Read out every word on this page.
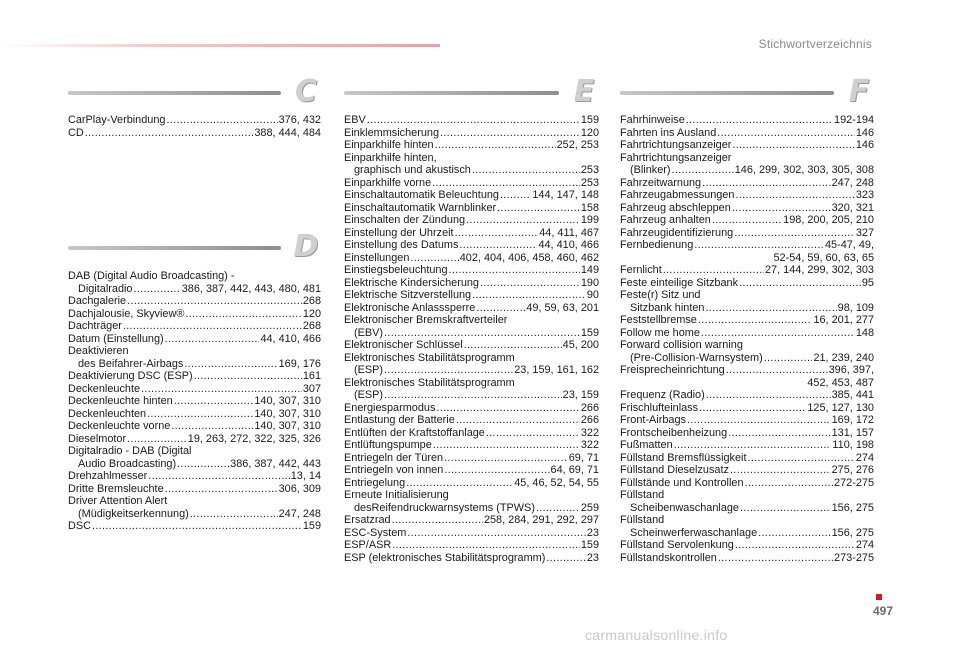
Stichwortverzeichnis
C
CarPlay-Verbindung .....	376, 432
CD .....	388, 444, 484
D
DAB (Digital Audio Broadcasting) -
Digitalradio .....	386, 387, 442, 443, 480, 481
Dachgalerie .....	268
Dachjalousie, Skyview® .....	120
Dachträger .....	268
Datum (Einstellung) .....	44, 410, 466
Deaktivieren
des Beifahrer-Airbags .....	169, 176
Deaktivierung DSC (ESP) .....	161
Deckenleuchte .....	307
Deckenleuchte hinten .....	140, 307, 310
Deckenleuchten .....	140, 307, 310
Deckenleuchte vorne .....	140, 307, 310
Dieselmotor .....	19, 263, 272, 322, 325, 326
Digitalradio - DAB (Digital
Audio Broadcasting) .....	386, 387, 442, 443
Drehzahlmesser .....	13, 14
Dritte Bremsleuchte .....	306, 309
Driver Attention Alert
(Müdigkeitserkennung) .....	247, 248
DSC .....	159
E
EBV .....	159
Einklemmsicherung .....	120
Einparkhilfe hinten .....	252, 253
Einparkhilfe hinten,
graphisch und akustisch .....	253
Einparkhilfe vorne .....	253
Einschaltautomatik Beleuchtung .....	144, 147, 148
Einschaltautomatik Warnblinker .....	158
Einschalten der Zündung .....	199
Einstellung der Uhrzeit .....	44, 411, 467
Einstellung des Datums .....	44, 410, 466
Einstellungen .....	402, 404, 406, 458, 460, 462
Einstiegsbeleuchtung .....	149
Elektrische Kindersicherung .....	190
Elektrische Sitzverstellung .....	90
Elektronische Anlasssperre .....	49, 59, 63, 201
Elektronischer Bremskraftverteiler
(EBV) .....	159
Elektronischer Schlüssel .....	45, 200
Elektronisches Stabilitätsprogramm
(ESP) .....	23, 159, 161, 162
Elektronisches Stabilitätsprogramm
(ESP) .....	23, 159
Energiesparmodus .....	266
Entlastung der Batterie .....	266
Entlüften der Kraftstoffanlage .....	322
Entlüftungspumpe .....	322
Entriegeln der Türen .....	69, 71
Entriegeln von innen .....	64, 69, 71
Entriegelung .....	45, 46, 52, 54, 55
Erneute Initialisierung
desReifendruckwarnsystems (TPWS) .....	259
Ersatzrad .....	258, 284, 291, 292, 297
ESC-System .....	23
ESP/ASR .....	159
ESP (elektronisches Stabilitätsprogramm) .....	23
F
Fahrhinweise .....	192-194
Fahrten ins Ausland .....	146
Fahrtrichtungsanzeiger .....	146
Fahrtrichtungsanzeiger
(Blinker) .....	146, 299, 302, 303, 305, 308
Fahrzeitwarnung .....	247, 248
Fahrzeugabmessungen .....	323
Fahrzeug abschleppen .....	320, 321
Fahrzeug anhalten .....	198, 200, 205, 210
Fahrzeugidentifizierung .....	327
Fernbedienung .....	45-47, 49,
52-54, 59, 60, 63, 65
Fernlicht .....	27, 144, 299, 302, 303
Feste einteilige Sitzbank .....	95
Feste(r) Sitz und
Sitzbank hinten .....	98, 109
Feststellbremse .....	16, 201, 277
Follow me home .....	148
Forward collision warning
(Pre-Collision-Warnsystem) .....	21, 239, 240
Freisprecheinrichtung .....	396, 397,
452, 453, 487
Frequenz (Radio) .....	385, 441
Frischlufteinlass .....	125, 127, 130
Front-Airbags .....	169, 172
Frontscheibenheizung .....	131, 157
Fußmatten .....	110, 198
Füllstand Bremsflüssigkeit .....	274
Füllstand Dieselzusatz .....	275, 276
Füllstände und Kontrollen .....	272-275
Füllstand
Scheibenwaschanlage .....	156, 275
Füllstand
Scheinwerferwaschanlage .....	156, 275
Füllstand Servolenkung .....	274
Füllstandskontrollen .....	273-275
497
carmanualsonline.info
